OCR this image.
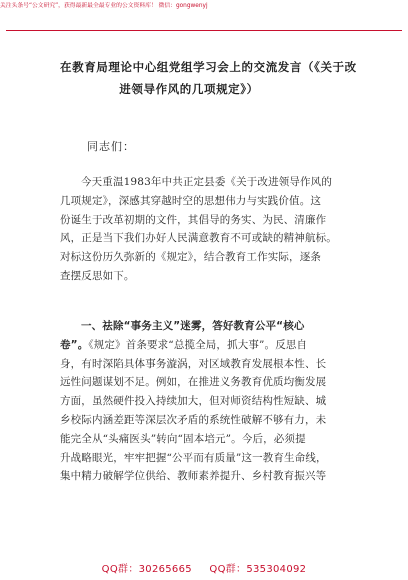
关注头条号“公文研究”，获得最新最全最专业的公文资料库！ 微信：gongwenyj
在教育局理论中心组党组学习会上的交流发言（《关于改
进领导作风的几项规定》）
同志们：
今天重温1983年中共正定县委《关于改进领导作风的
几项规定》，深感其穿越时空的思想伟力与实践价值。这
份诞生于改革初期的文件，其倡导的务实、为民、清廉作
风，正是当下我们办好人民满意教育不可或缺的精神航标。
对标这份历久弥新的《规定》，结合教育工作实际，逐条
查摆反思如下。
一、祛除“事务主义”迷雾，答好教育公平“核心
卷”。《规定》首条要求“总揽全局，抓大事”。反思自
身，有时深陷具体事务漩涡，对区域教育发展根本性、长
远性问题谋划不足。例如，在推进义务教育优质均衡发展
方面，虽然硬件投入持续加大，但对师资结构性短缺、城
乡校际内涵差距等深层次矛盾的系统性破解不够有力，未
能完全从“头痛医头”转向“固本培元”。今后，必须提
升战略眼光，牢牢把握“公平而有质量”这一教育生命线，
集中精力破解学位供给、教师素养提升、乡村教育振兴等
QQ群：30265665 QQ群：535304092
